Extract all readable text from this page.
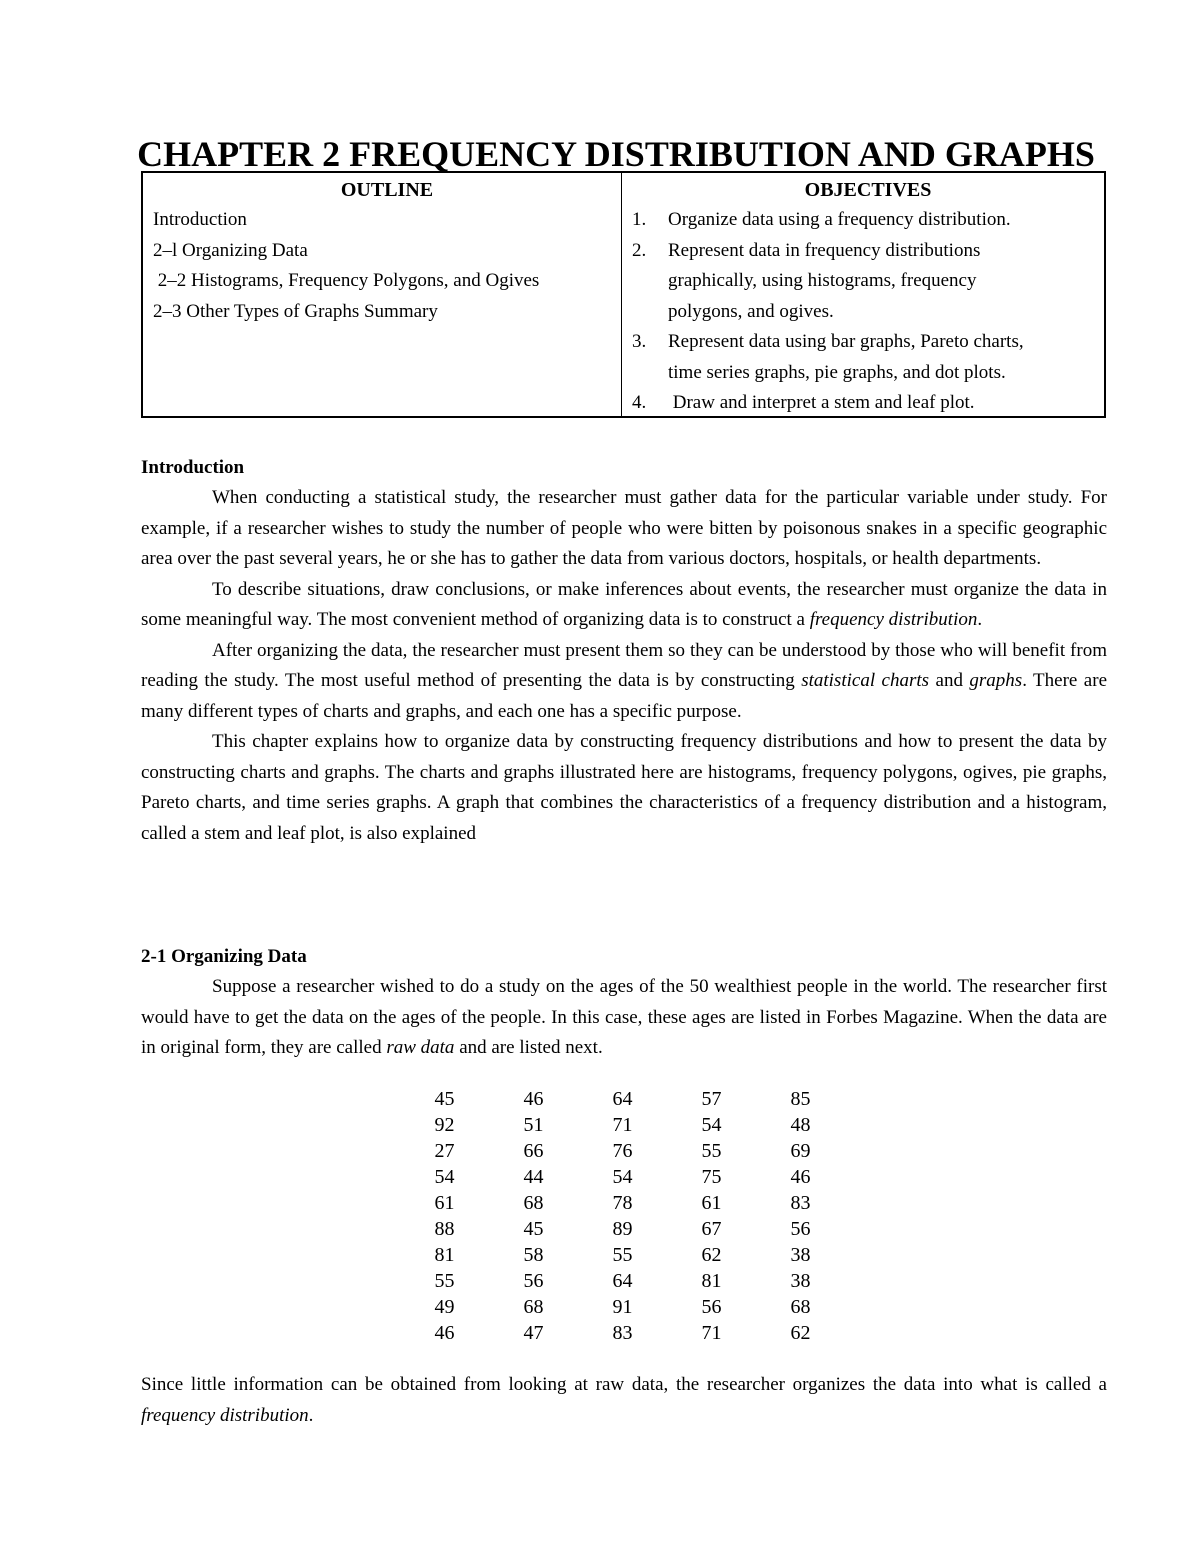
CHAPTER 2 FREQUENCY DISTRIBUTION AND GRAPHS
OUTLINE
Introduction
2–l Organizing Data
2–2 Histograms, Frequency Polygons, and Ogives
2–3 Other Types of Graphs Summary
OBJECTIVES
1.	Organize data using a frequency distribution.
2.	Represent data in frequency distributions
graphically, using histograms, frequency
polygons, and ogives.
3.	Represent data using bar graphs, Pareto charts,
time series graphs, pie graphs, and dot plots.
4.	Draw and interpret a stem and leaf plot.
Introduction

When conducting a statistical study, the researcher must gather data for the particular variable under study. For example, if a researcher wishes to study the number of people who were bitten by poisonous snakes in a specific geographic area over the past several years, he or she has to gather the data from various doctors, hospitals, or health departments.

To describe situations, draw conclusions, or make inferences about events, the researcher must organize the data in some meaningful way. The most convenient method of organizing data is to construct a frequency distribution.

After organizing the data, the researcher must present them so they can be understood by those who will benefit from reading the study. The most useful method of presenting the data is by constructing statistical charts and graphs. There are many different types of charts and graphs, and each one has a specific purpose.

This chapter explains how to organize data by constructing frequency distributions and how to present the data by constructing charts and graphs. The charts and graphs illustrated here are histograms, frequency polygons, ogives, pie graphs, Pareto charts, and time series graphs. A graph that combines the characteristics of a frequency distribution and a histogram, called a stem and leaf plot, is also explained

2-1 Organizing Data

Suppose a researcher wished to do a study on the ages of the 50 wealthiest people in the world. The researcher first would have to get the data on the ages of the people. In this case, these ages are listed in Forbes Magazine. When the data are in original form, they are called raw data and are listed next.

45	46	64	57	85
92	51	71	54	48
27	66	76	55	69
54	44	54	75	46
61	68	78	61	83
88	45	89	67	56
81	58	55	62	38
55	56	64	81	38
49	68	91	56	68
46	47	83	71	62

Since little information can be obtained from looking at raw data, the researcher organizes the data into what is called a frequency distribution.
